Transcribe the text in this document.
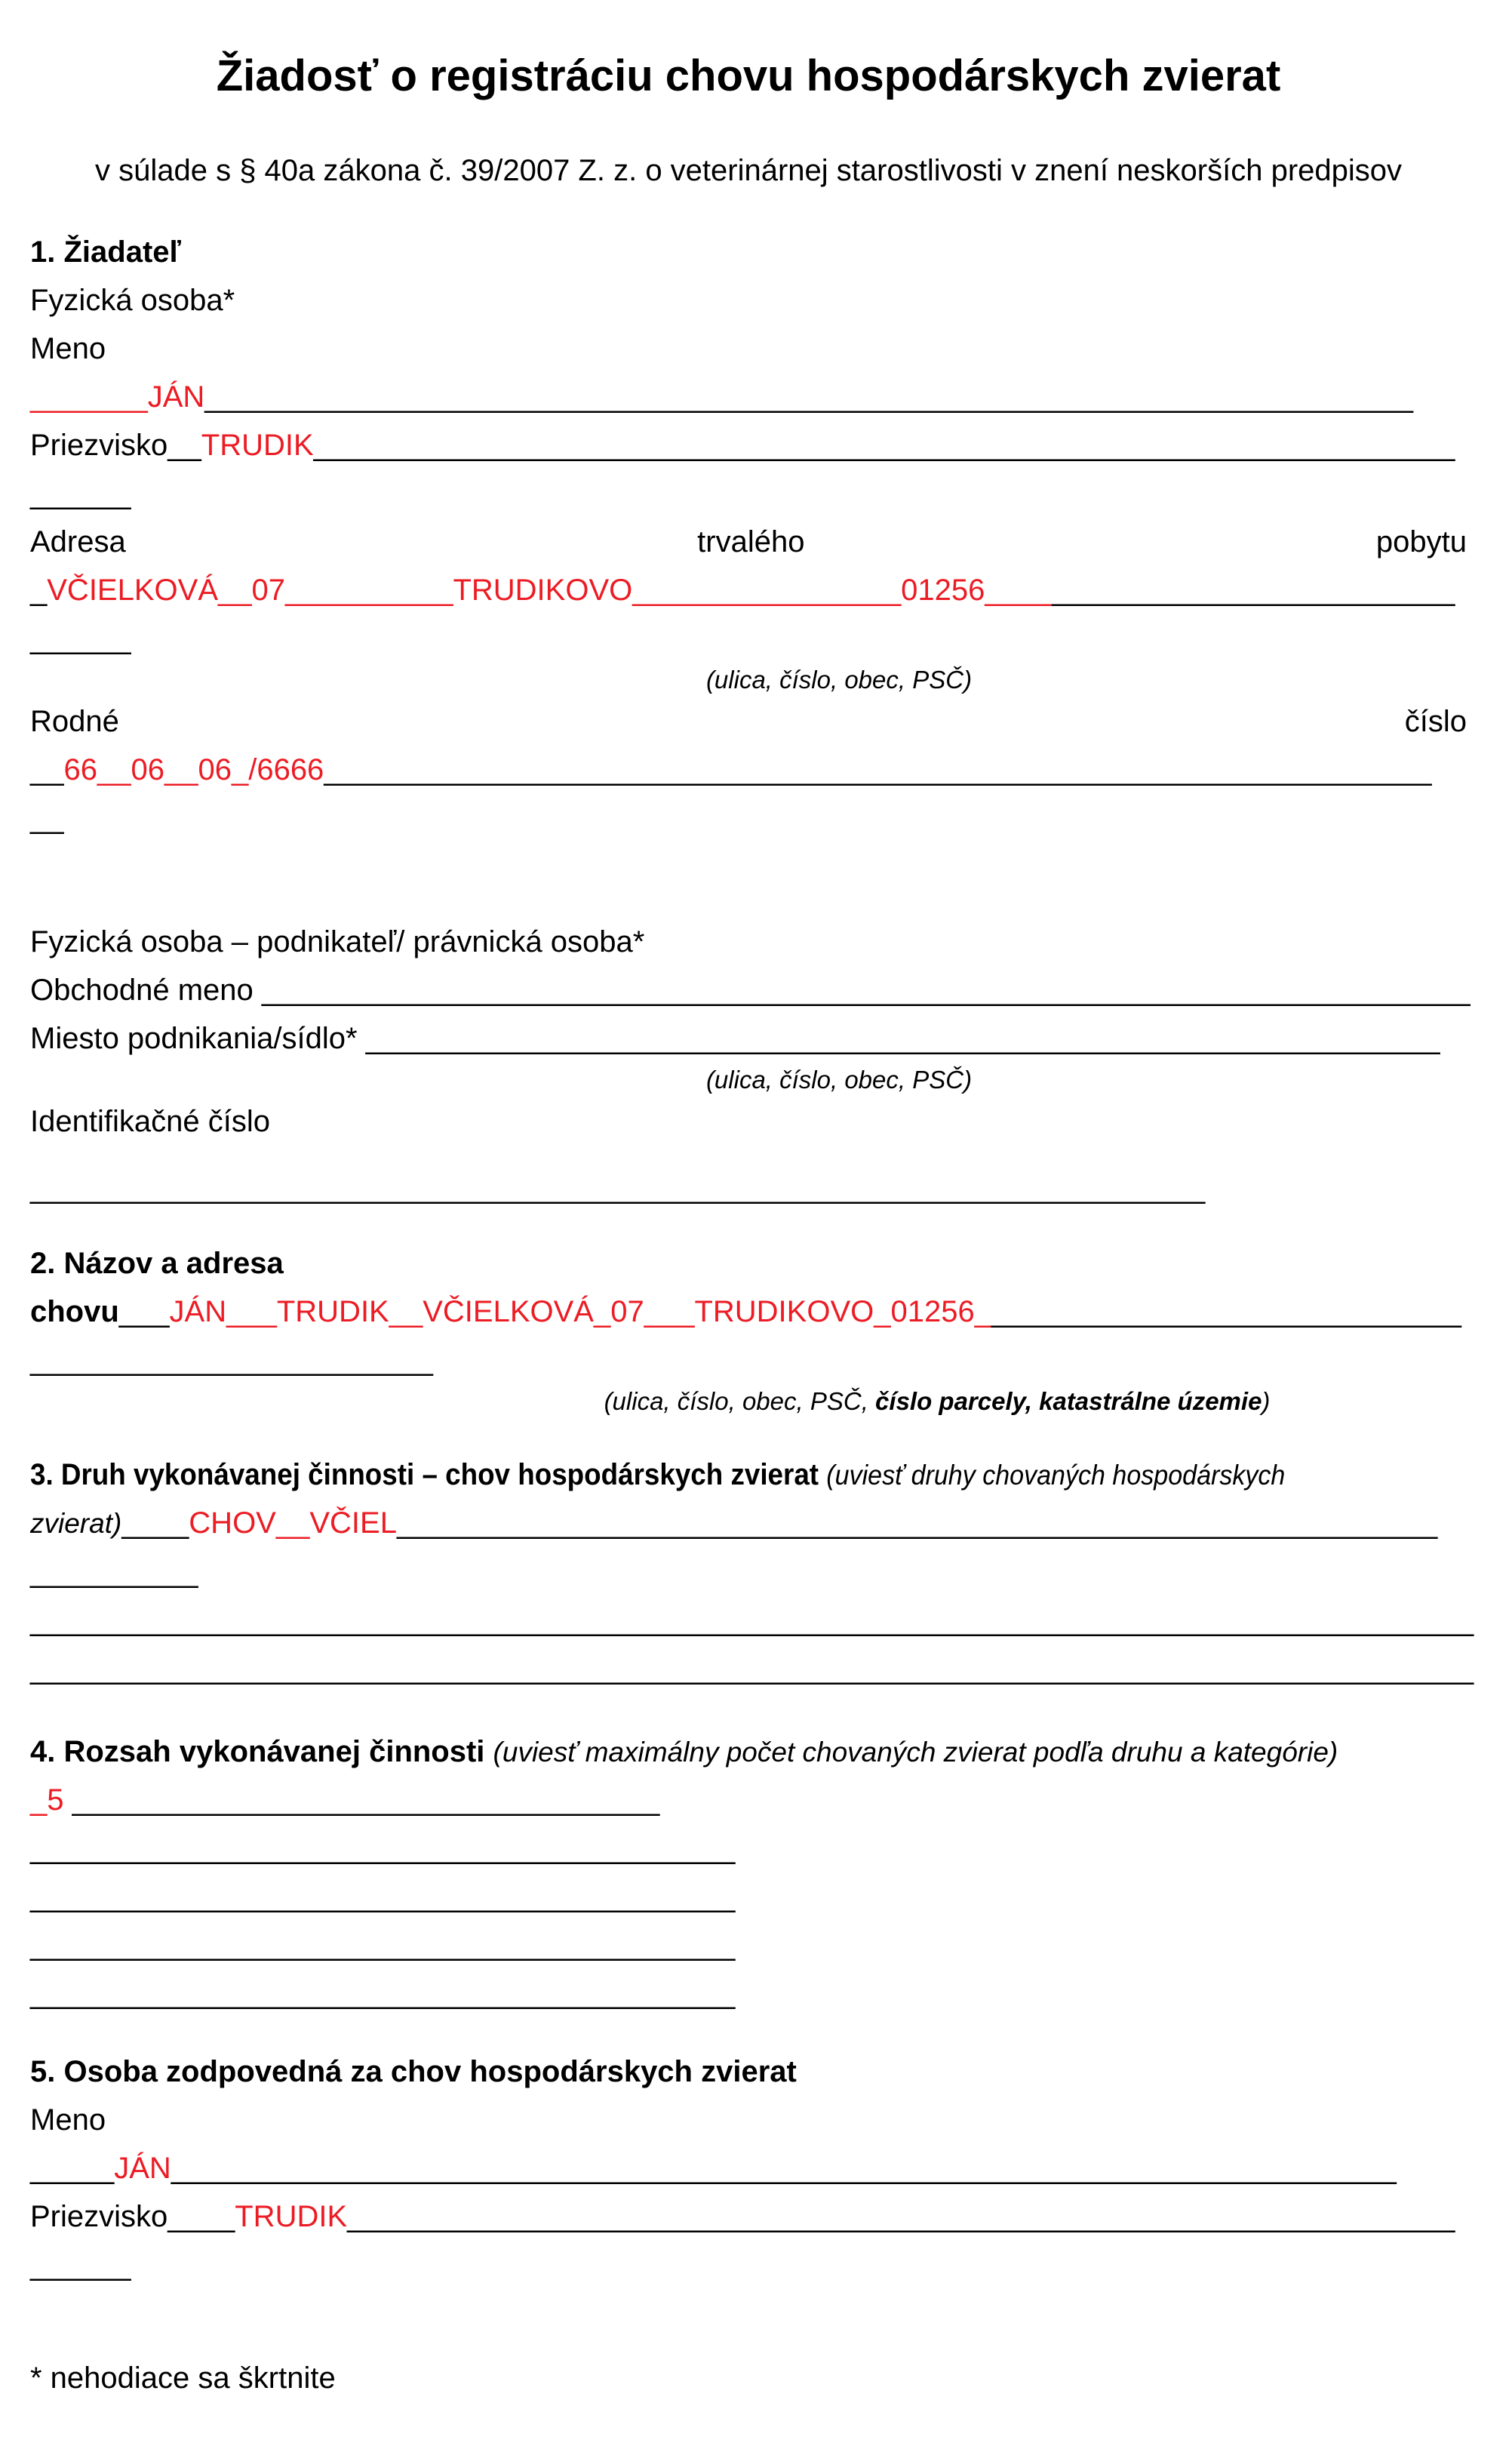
Žiadosť o registráciu chovu hospodárskych zvierat
v súlade s § 40a zákona č. 39/2007 Z. z. o veterinárnej starostlivosti v znení neskorších predpisov
1. Žiadateľ
Fyzická osoba*
Meno
_______JÁN________________________________________________________________________
Priezvisko__TRUDIK____________________________________________________________________
______
Adresa	trvalého	pobytu
_VČIELKOVÁ__07__________TRUDIKOVO________________01256____________________________
______
(ulica, číslo, obec, PSČ)
Rodné	číslo
__66__06__06_/6666__________________________________________________________________
__
Fyzická osoba – podnikateľ/ právnická osoba*
Obchodné meno ________________________________________________________________________
Miesto podnikania/sídlo* ________________________________________________________________
(ulica, číslo, obec, PSČ)
Identifikačné číslo
______________________________________________________________________
2. Názov a adresa
chovu___JÁN___TRUDIK__VČIELKOVÁ_07___TRUDIKOVO_01256_____________________________
________________________
(ulica, číslo, obec, PSČ, číslo parcely, katastrálne územie)
3. Druh vykonávanej činnosti – chov hospodárskych zvierat (uviesť druhy chovaných hospodárskych
zvierat)____CHOV__VČIEL______________________________________________________________
__________
______________________________________________________________________________________
______________________________________________________________________________________
4. Rozsah vykonávanej činnosti (uviesť maximálny počet chovaných zvierat podľa druhu a kategórie)
_5 ___________________________________
__________________________________________
__________________________________________
__________________________________________
__________________________________________
5. Osoba zodpovedná za chov hospodárskych zvierat
Meno
_____JÁN_________________________________________________________________________
Priezvisko____TRUDIK__________________________________________________________________
______
* nehodiace sa škrtnite
